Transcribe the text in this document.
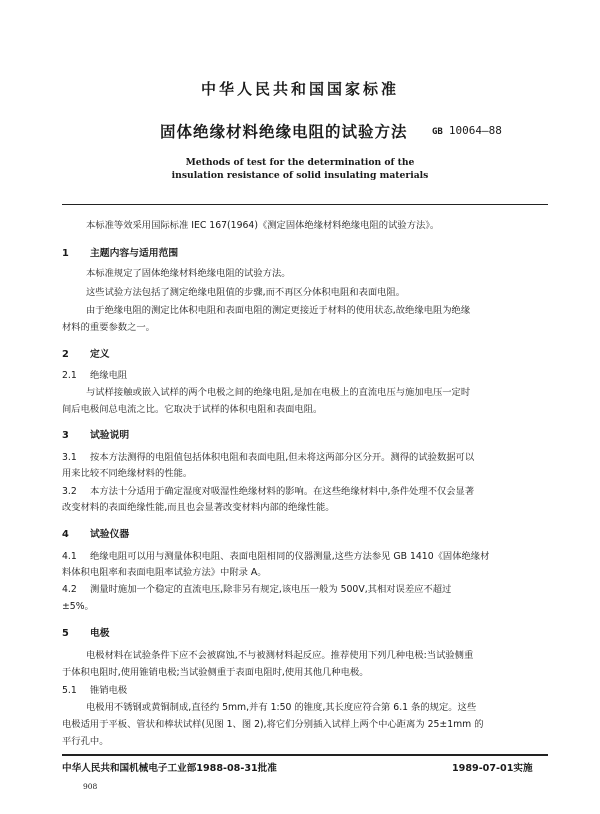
中华人民共和国国家标准
固体绝缘材料绝缘电阻的试验方法	GB 10064—88
Methods of test for the determination of the
insulation resistance of solid insulating materials
本标准等效采用国际标准 IEC 167(1964)《测定固体绝缘材料绝缘电阻的试验方法》。
1 主题内容与适用范围
本标准规定了固体绝缘材料绝缘电阻的试验方法。
这些试验方法包括了测定绝缘电阻值的步骤,而不再区分体积电阻和表面电阻。
由于绝缘电阻的测定比体积电阻和表面电阻的测定更接近于材料的使用状态,故绝缘电阻为绝缘
材料的重要参数之一。
2 定义
2.1 绝缘电阻
与试样接触或嵌入试样的两个电极之间的绝缘电阻,是加在电极上的直流电压与施加电压一定时
间后电极间总电流之比。它取决于试样的体积电阻和表面电阻。
3 试验说明
3.1 按本方法测得的电阻值包括体积电阻和表面电阻,但未将这两部分区分开。测得的试验数据可以
用来比较不同绝缘材料的性能。
3.2 本方法十分适用于确定湿度对吸湿性绝缘材料的影响。在这些绝缘材料中,条件处理不仅会显著
改变材料的表面绝缘性能,而且也会显著改变材料内部的绝缘性能。
4 试验仪器
4.1 绝缘电阻可以用与测量体积电阻、表面电阻相同的仪器测量,这些方法参见 GB 1410《固体绝缘材
料体积电阻率和表面电阻率试验方法》中附录 A。
4.2 测量时施加一个稳定的直流电压,除非另有规定,该电压一般为 500V,其相对误差应不超过
±5%。
5 电极
电极材料在试验条件下应不会被腐蚀,不与被测材料起反应。推荐使用下列几种电极:当试验侧重
于体积电阻时,使用锥销电极;当试验侧重于表面电阻时,使用其他几种电极。
5.1 锥销电极
电极用不锈钢或黄铜制成,直径约 5mm,并有 1:50 的锥度,其长度应符合第 6.1 条的规定。这些
电极适用于平板、管状和棒状试样(见图 1、图 2),将它们分别插入试样上两个中心距离为 25±1mm 的
平行孔中。
中华人民共和国机械电子工业部1988-08-31批准	1989-07-01实施
908
